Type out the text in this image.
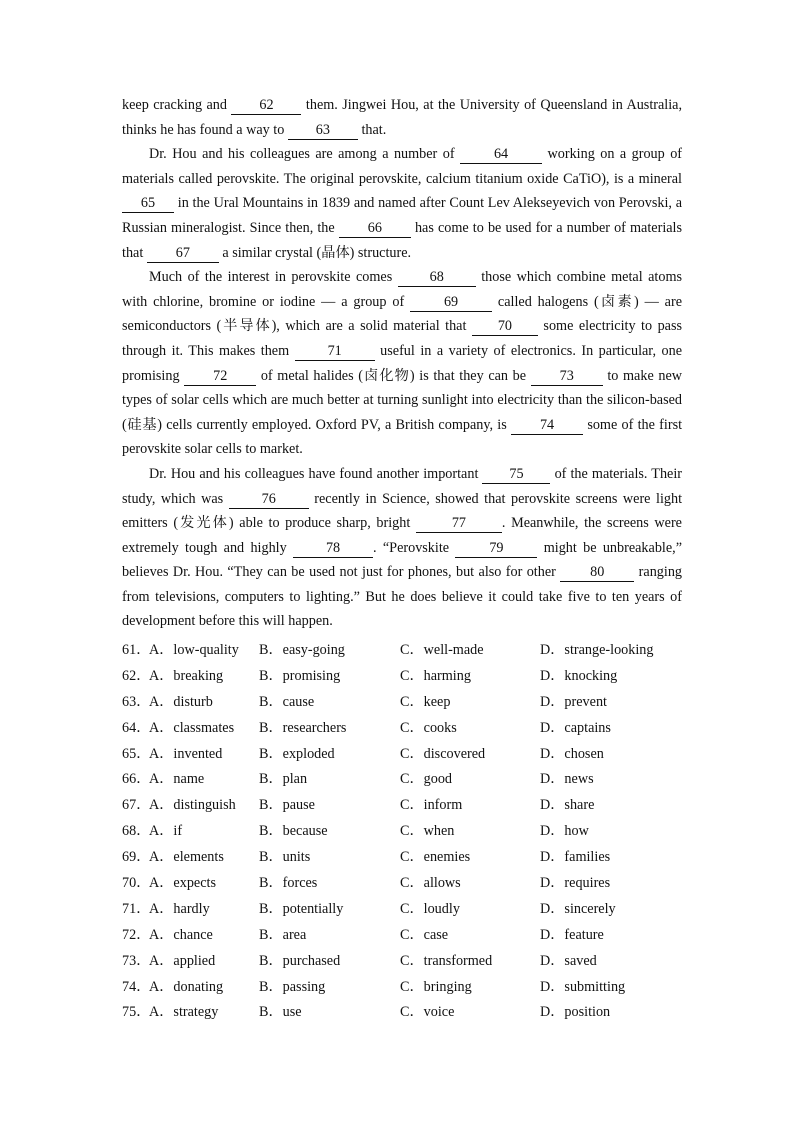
keep cracking and 62 them. Jingwei Hou, at the University of Queensland in Australia, thinks he has found a way to 63 that.

Dr. Hou and his colleagues are among a number of	64	working on a group of materials called perovskite. The original perovskite, calcium titanium oxide CaTiO), is a mineral 65 in the Ural Mountains in 1839 and named after Count Lev Alekseyevich von Perovski, a Russian mineralogist. Since then, the 66 has come to be used for a number of materials that 67 a similar crystal (晶体) structure.

Much of the interest in perovskite comes	68	those which combine metal atoms with chlorine, bromine or iodine — a group of	69	called halogens (卤素) — are semiconductors (半导体), which are a solid material that 70 some electricity to pass through it. This makes them	71	useful in a variety of electronics. In particular, one promising 72 of metal halides (卤化物) is that they can be 73 to make new types of solar cells which are much better at turning sunlight into electricity than the silicon-based (硅基) cells currently employed. Oxford PV, a British company, is 74 some of the first perovskite solar cells to market.

Dr. Hou and his colleagues have found another important 75 of the materials. Their study, which was	76	recently in Science, showed that perovskite screens were light emitters (发光体) able to produce sharp, bright	77	. Meanwhile, the screens were extremely tough and highly	78 . “Perovskite	79	might be unbreakable,” believes Dr. Hou. “They can be used not just for phones, but also for other 80 ranging from televisions, computers to lighting.” But he does believe it could take five to ten years of development before this will happen.

61．
A．low-quality	B．easy-going	C．well-made	D．strange-looking
62．
A．breaking	B．promising	C．harming	D．knocking
63．
A．disturb	B．cause	C．keep	D．prevent
64．
A．classmates	B．researchers	C．cooks	D．captains
65．
A．invented	B．exploded	C．discovered	D．chosen
66．
A．name	B．plan	C．good	D．news
67．
A．distinguish	B．pause	C．inform	D．share
68．
A．if	B．because	C．when	D．how
69．
A．elements	B．units	C．enemies	D．families
70．
A．expects	B．forces	C．allows	D．requires
71．
A．hardly	B．potentially	C．loudly	D．sincerely
72．
A．chance	B．area	C．case	D．feature
73．
A．applied	B．purchased	C．transformed	D．saved
74．
A．donating	B．passing	C．bringing	D．submitting
75．
A．strategy	B．use	C．voice	D．position
